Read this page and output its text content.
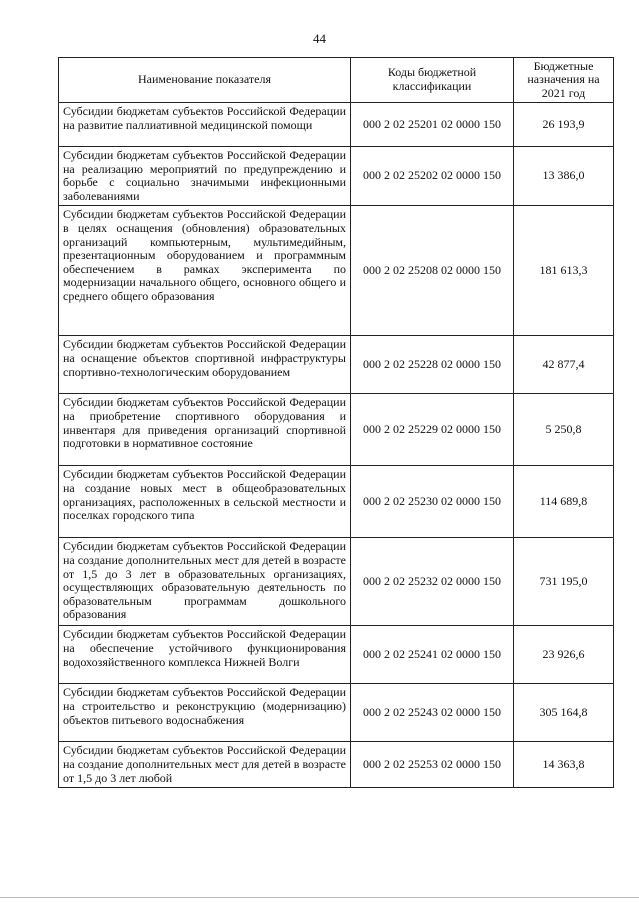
44
Наименование показателя	Коды бюджетной классификации	Бюджетные назначения на 2021 год
Субсидии бюджетам субъектов Российской Федерации на развитие паллиативной медицинской помощи	000 2 02 25201 02 0000 150	26 193,9
Субсидии бюджетам субъектов Российской Федерации на реализацию мероприятий по предупреждению и борьбе с социально значимыми инфекционными заболеваниями	000 2 02 25202 02 0000 150	13 386,0
Субсидии бюджетам субъектов Российской Федерации в целях оснащения (обновления) образовательных организаций компьютерным, мультимедийным, презентационным оборудованием и программным обеспечением в рамках эксперимента по модернизации начального общего, основного общего и среднего общего образования	000 2 02 25208 02 0000 150	181 613,3
Субсидии бюджетам субъектов Российской Федерации на оснащение объектов спортивной инфраструктуры спортивно-технологическим оборудованием	000 2 02 25228 02 0000 150	42 877,4
Субсидии бюджетам субъектов Российской Федерации на приобретение спортивного оборудования и инвентаря для приведения организаций спортивной подготовки в нормативное состояние	000 2 02 25229 02 0000 150	5 250,8
Субсидии бюджетам субъектов Российской Федерации на создание новых мест в общеобразовательных организациях, расположенных в сельской местности и поселках городского типа	000 2 02 25230 02 0000 150	114 689,8
Субсидии бюджетам субъектов Российской Федерации на создание дополнительных мест для детей в возрасте от 1,5 до 3 лет в образовательных организациях, осуществляющих образовательную деятельность по образовательным программам дошкольного образования	000 2 02 25232 02 0000 150	731 195,0
Субсидии бюджетам субъектов Российской Федерации на обеспечение устойчивого функционирования водохозяйственного комплекса Нижней Волги	000 2 02 25241 02 0000 150	23 926,6
Субсидии бюджетам субъектов Российской Федерации на строительство и реконструкцию (модернизацию) объектов питьевого водоснабжения	000 2 02 25243 02 0000 150	305 164,8
Субсидии бюджетам субъектов Российской Федерации на создание дополнительных мест для детей в возрасте от 1,5 до 3 лет любой	000 2 02 25253 02 0000 150	14 363,8
